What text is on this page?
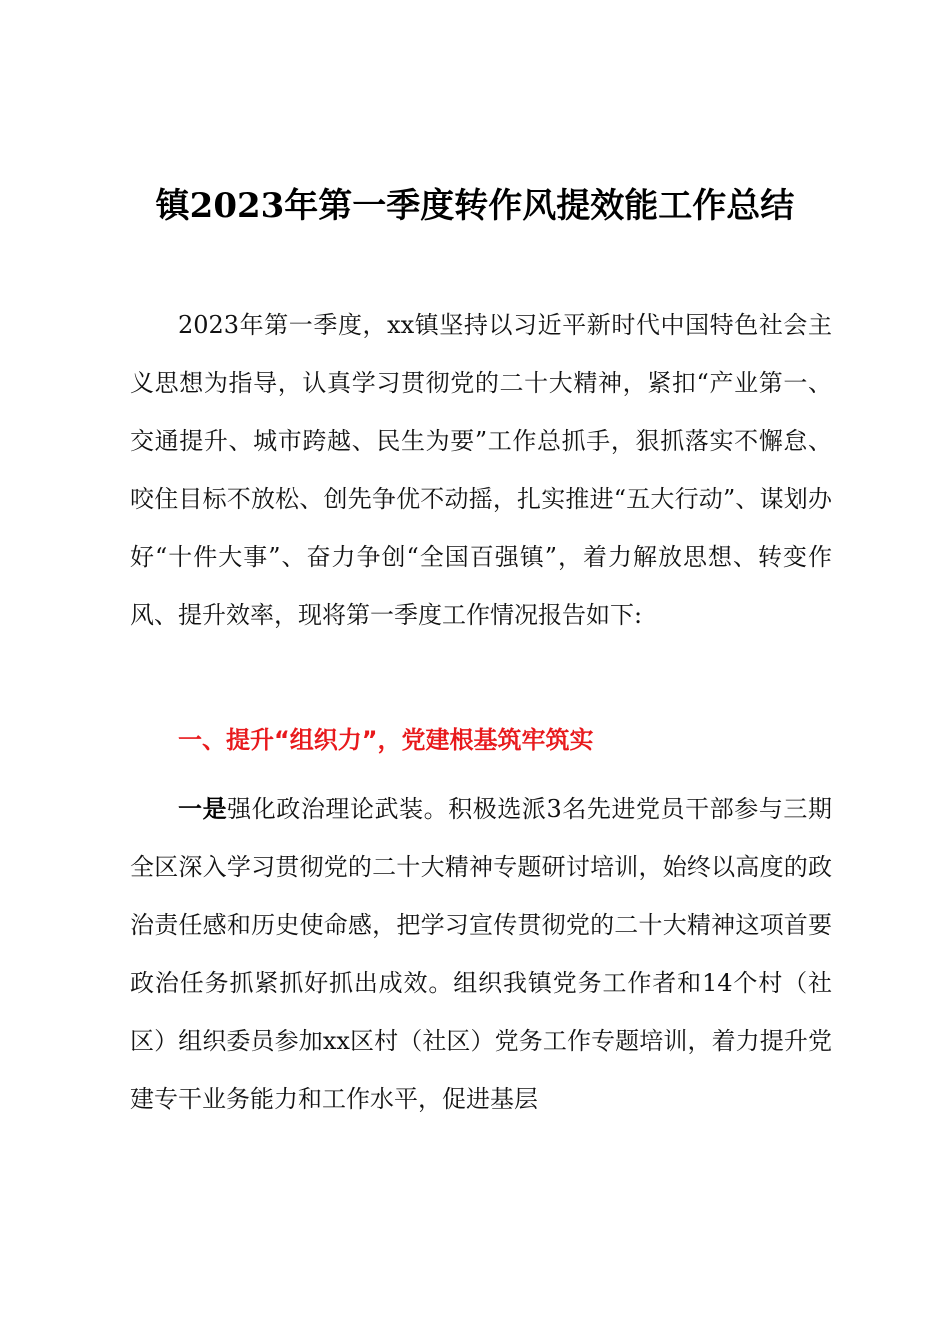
镇2023年第一季度转作风提效能工作总结

2023年第一季度，xx镇坚持以习近平新时代中国特色社会主义思想为指导，认真学习贯彻党的二十大精神，紧扣“产业第一、交通提升、城市跨越、民生为要”工作总抓手，狠抓落实不懈怠、咬住目标不放松、创先争优不动摇，扎实推进“五大行动”、谋划办好“十件大事”、奋力争创“全国百强镇”，着力解放思想、转变作风、提升效率，现将第一季度工作情况报告如下:

一、提升“组织力”，党建根基筑牢筑实

一是强化政治理论武装。积极选派3名先进党员干部参与三期全区深入学习贯彻党的二十大精神专题研讨培训，始终以高度的政治责任感和历史使命感，把学习宣传贯彻党的二十大精神这项首要政治任务抓紧抓好抓出成效。组织我镇党务工作者和14个村（社区）组织委员参加xx区村（社区）党务工作专题培训，着力提升党建专干业务能力和工作水平，促进基层
